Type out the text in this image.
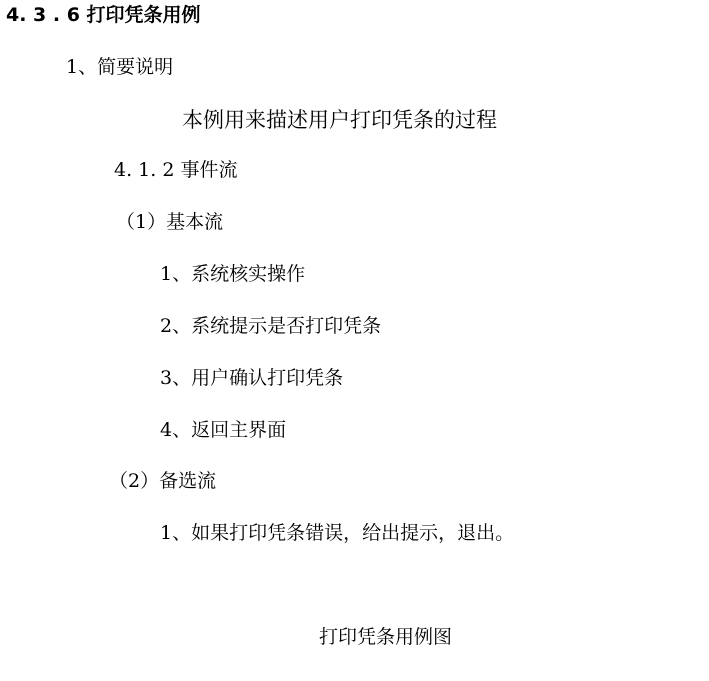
4. 3 . 6 打印凭条用例
1、简要说明
本例用来描述用户打印凭条的过程
4. 1. 2 事件流
（1）基本流
1、系统核实操作
2、系统提示是否打印凭条
3、用户确认打印凭条
4、返回主界面
（2）备选流
1、如果打印凭条错误，给出提示，退出。
打印凭条用例图
